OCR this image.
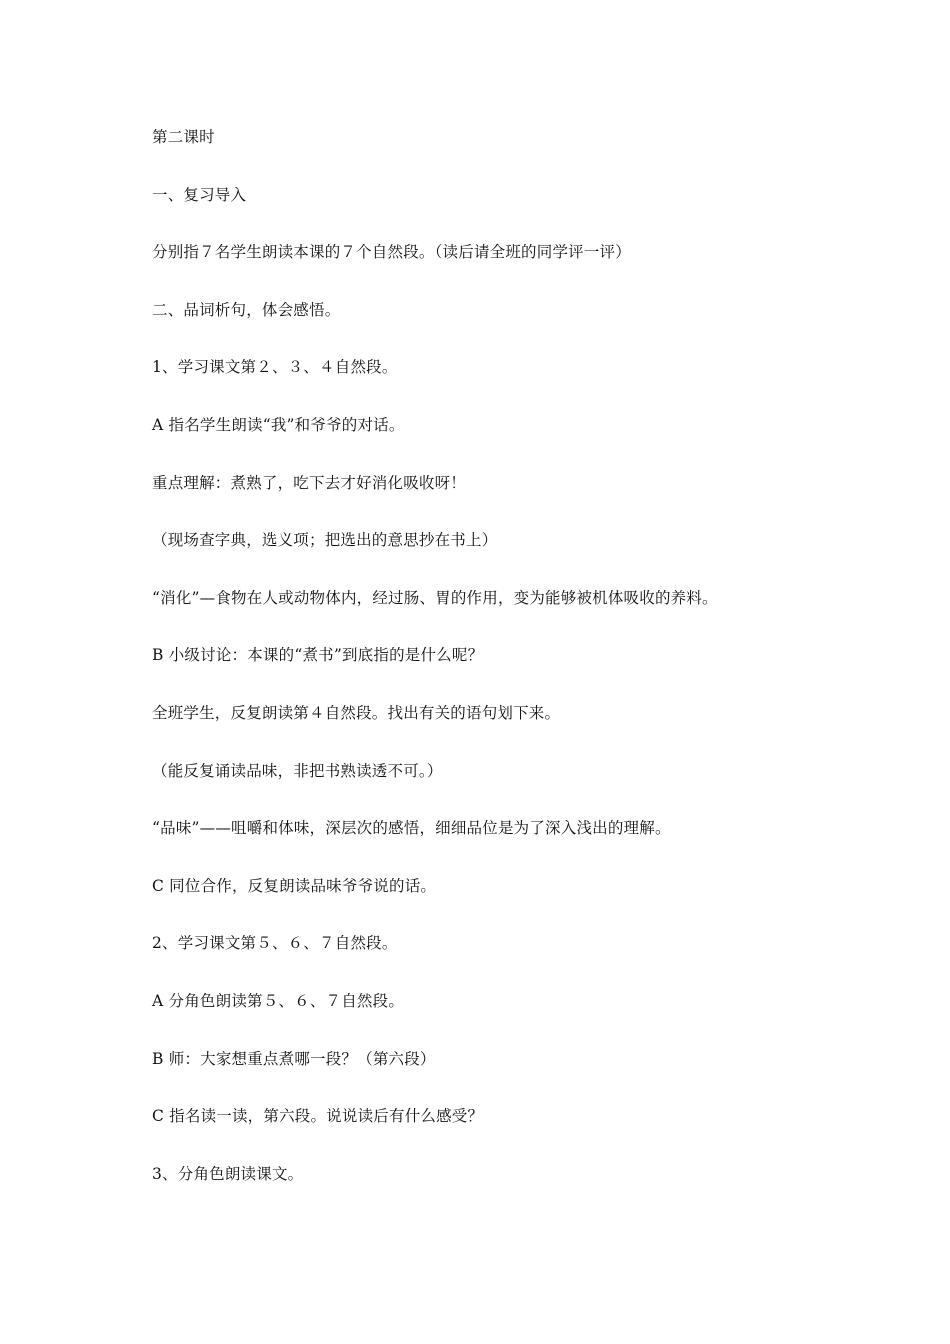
第二课时
一、复习导入
分别指７名学生朗读本课的７个自然段。（读后请全班的同学评一评）
二、品词析句，体会感悟。
1、学习课文第２、３、４自然段。
A 指名学生朗读“我”和爷爷的对话。
重点理解：煮熟了，吃下去才好消化吸收呀！
（现场查字典，选义项；把选出的意思抄在书上）
“消化”—食物在人或动物体内，经过肠、胃的作用，变为能够被机体吸收的养料。
B 小级讨论：本课的“煮书”到底指的是什么呢？
全班学生，反复朗读第４自然段。找出有关的语句划下来。
（能反复诵读品味，非把书熟读透不可。）
“品味”——咀嚼和体味，深层次的感悟，细细品位是为了深入浅出的理解。
C 同位合作，反复朗读品味爷爷说的话。
2、学习课文第５、６、７自然段。
A 分角色朗读第５、６、７自然段。
B 师：大家想重点煮哪一段？（第六段）
C 指名读一读，第六段。说说读后有什么感受？
3、分角色朗读课文。
